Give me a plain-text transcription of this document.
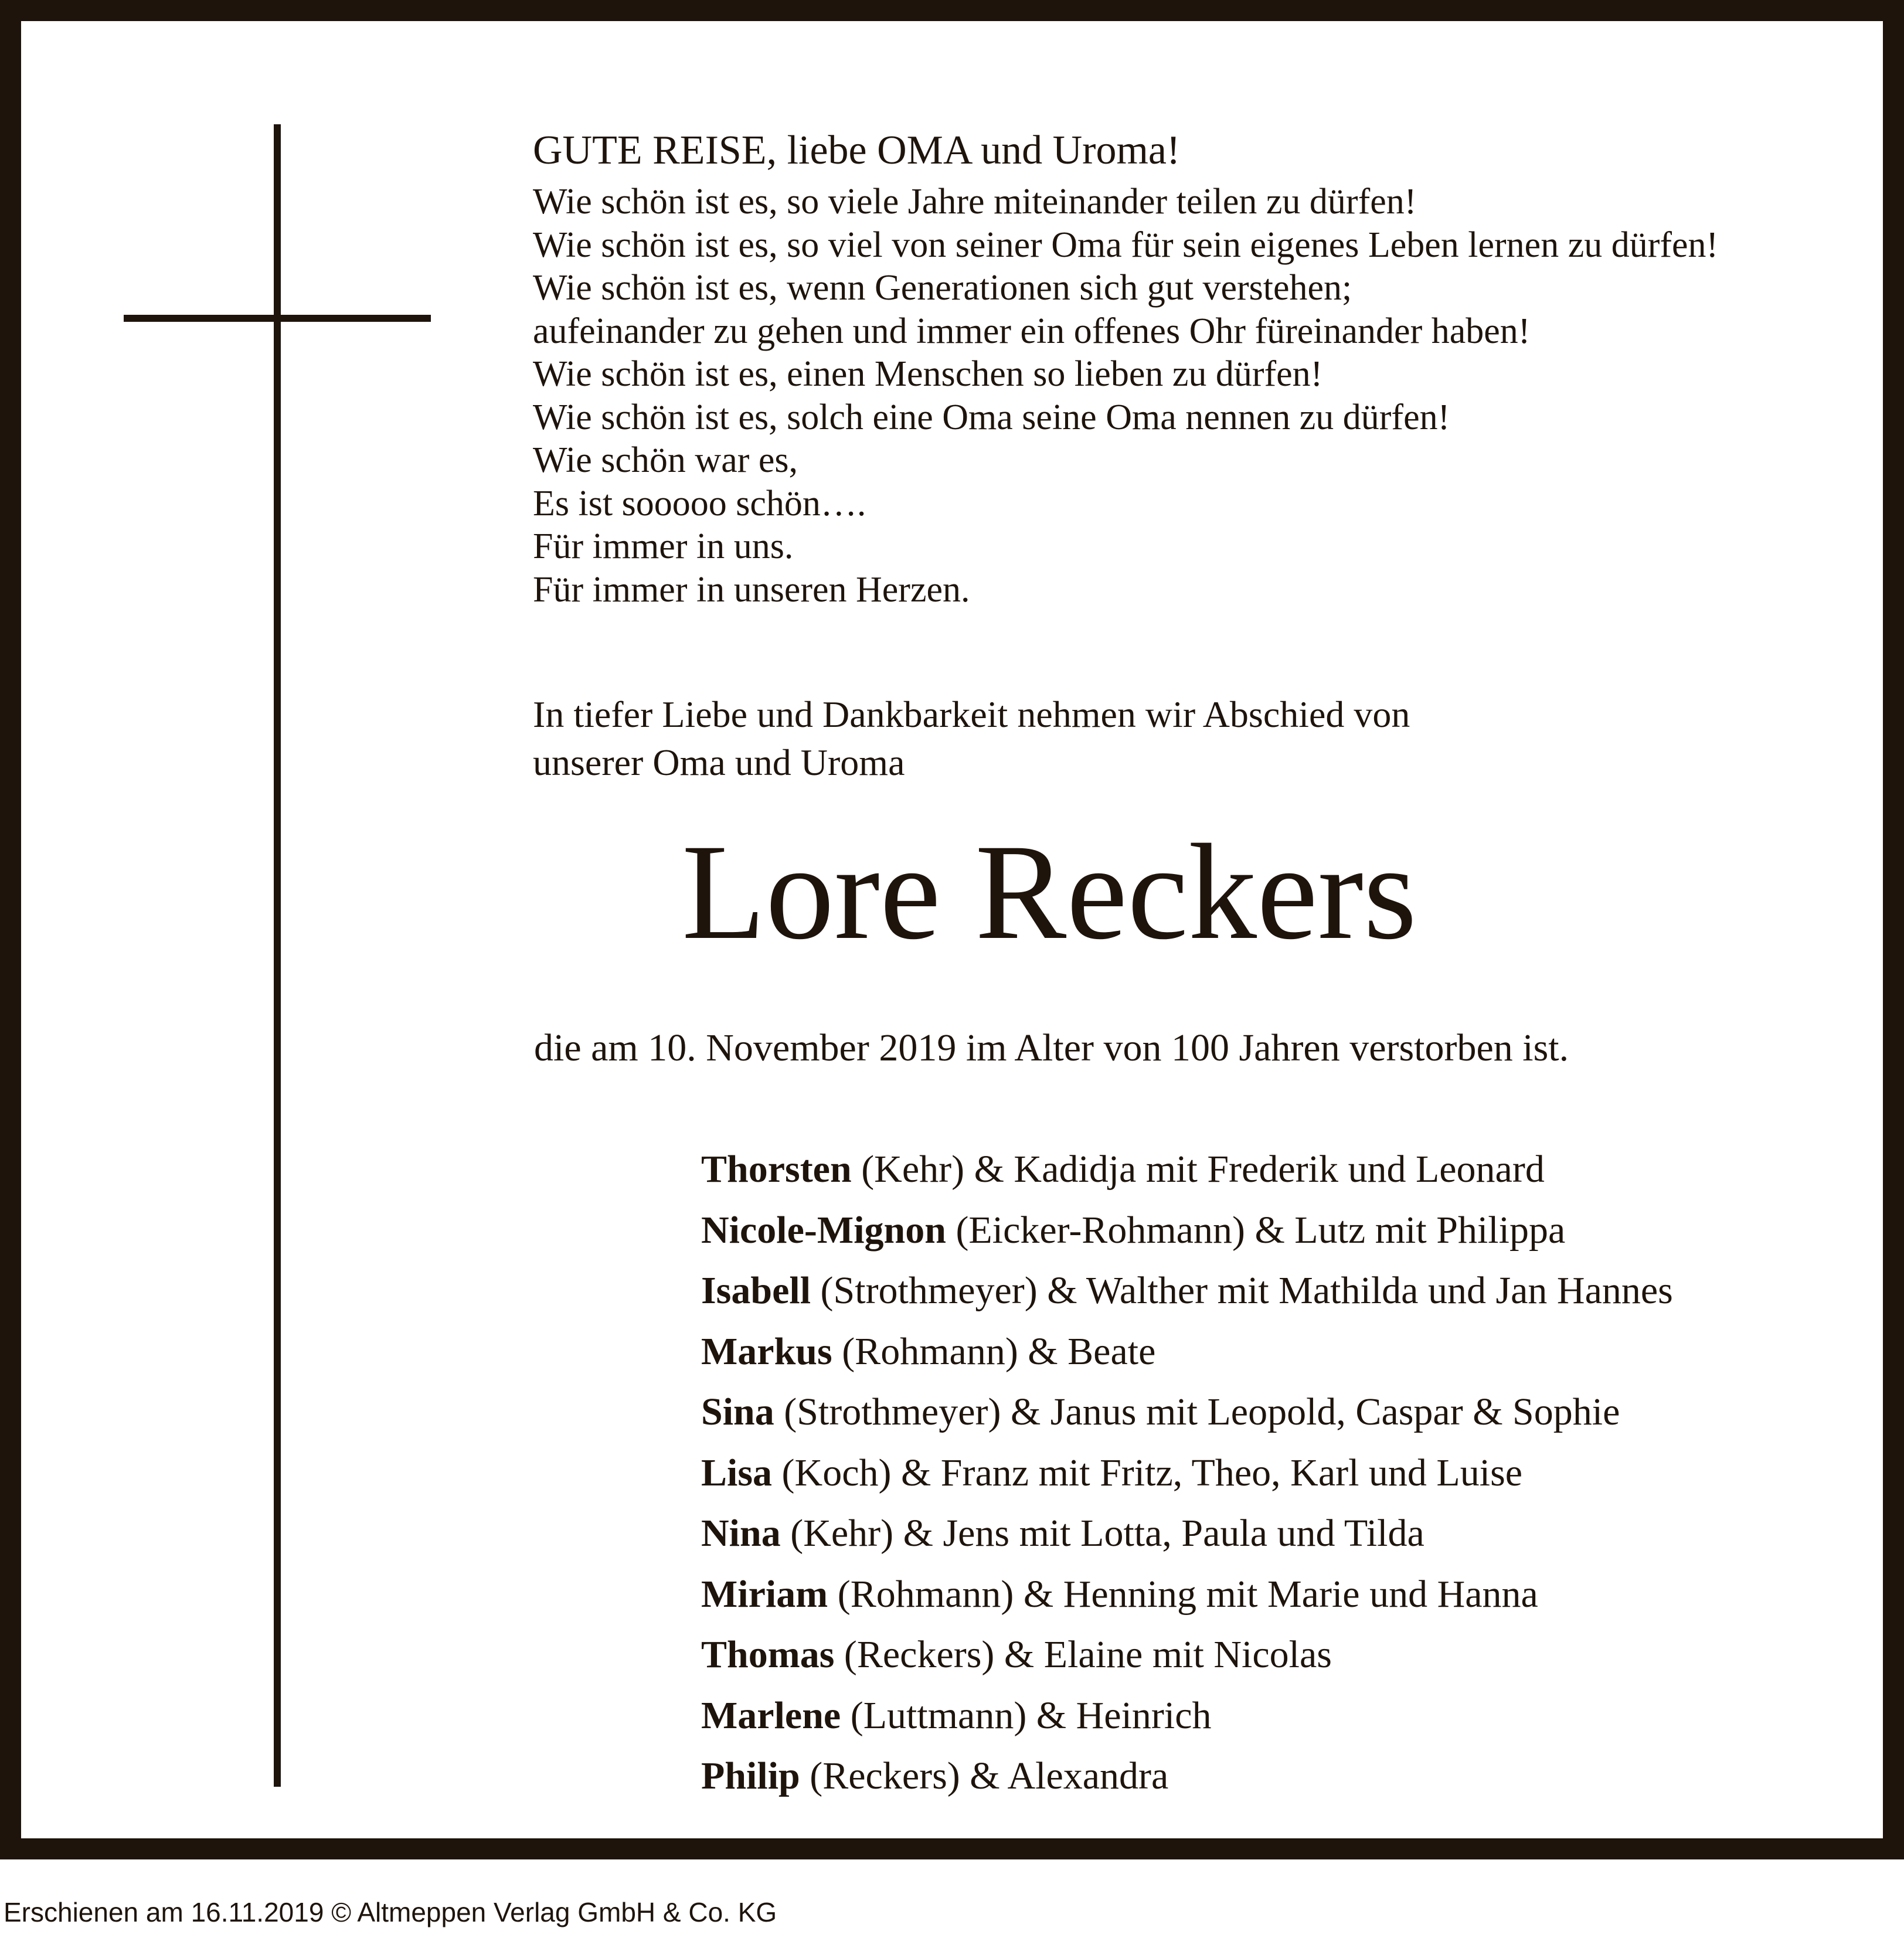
GUTE REISE, liebe OMA und Uroma!
Wie schön ist es, so viele Jahre miteinander teilen zu dürfen!
Wie schön ist es, so viel von seiner Oma für sein eigenes Leben lernen zu dürfen!
Wie schön ist es, wenn Generationen sich gut verstehen;
aufeinander zu gehen und immer ein offenes Ohr füreinander haben!
Wie schön ist es, einen Menschen so lieben zu dürfen!
Wie schön ist es, solch eine Oma seine Oma nennen zu dürfen!
Wie schön war es,
Es ist sooooo schön….
Für immer in uns.
Für immer in unseren Herzen.
In tiefer Liebe und Dankbarkeit nehmen wir Abschied von
unserer Oma und Uroma
Lore Reckers
die am 10. November 2019 im Alter von 100 Jahren verstorben ist.
Thorsten (Kehr) & Kadidja mit Frederik und Leonard
Nicole-Mignon (Eicker-Rohmann) & Lutz mit Philippa
Isabell (Strothmeyer) & Walther mit Mathilda und Jan Hannes
Markus (Rohmann) & Beate
Sina (Strothmeyer) & Janus mit Leopold, Caspar & Sophie
Lisa (Koch) & Franz mit Fritz, Theo, Karl und Luise
Nina (Kehr) & Jens mit Lotta, Paula und Tilda
Miriam (Rohmann) & Henning mit Marie und Hanna
Thomas (Reckers) & Elaine mit Nicolas
Marlene (Luttmann) & Heinrich
Philip (Reckers) & Alexandra
Erschienen am 16.11.2019 © Altmeppen Verlag GmbH & Co. KG
